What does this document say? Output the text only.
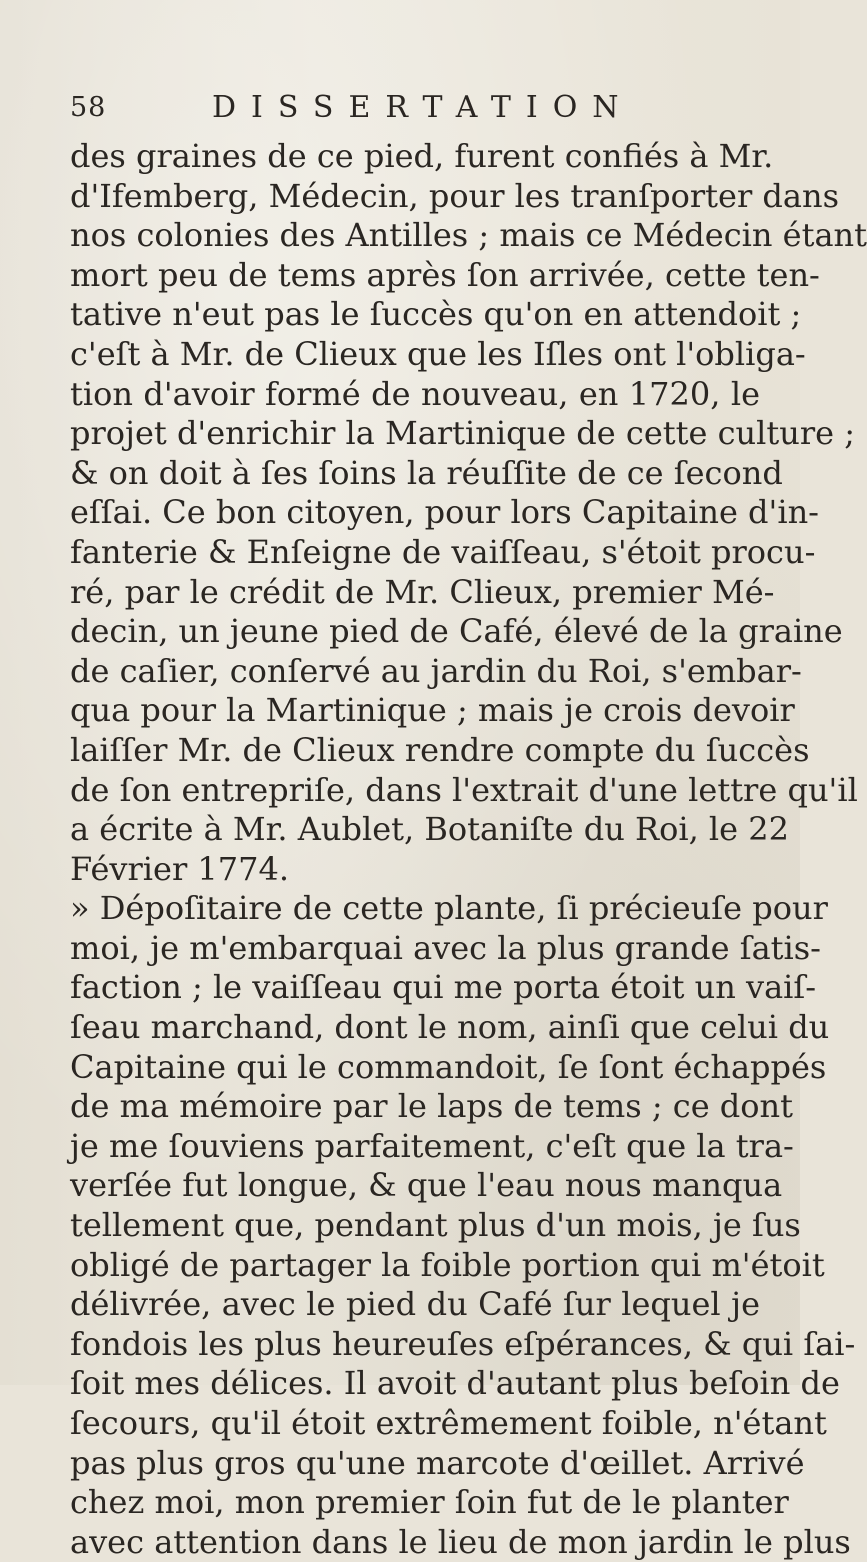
58	DISSERTATION
des graines de ce pied, furent confiés à Mr.
d'Ifemberg, Médecin, pour les tranſporter dans
nos colonies des Antilles ; mais ce Médecin étant
mort peu de tems après ſon arrivée, cette ten-
tative n'eut pas le ſuccès qu'on en attendoit ;
c'eſt à Mr. de Clieux que les Iſles ont l'obliga-
tion d'avoir formé de nouveau, en 1720, le
projet d'enrichir la Martinique de cette culture ;
& on doit à ſes ſoins la réuſſite de ce ſecond
eſſai. Ce bon citoyen, pour lors Capitaine d'in-
fanterie & Enſeigne de vaiſſeau, s'étoit procu-
ré, par le crédit de Mr. Clieux, premier Mé-
decin, un jeune pied de Café, élevé de la graine
de caſier, conſervé au jardin du Roi, s'embar-
qua pour la Martinique ; mais je crois devoir
laiſſer Mr. de Clieux rendre compte du ſuccès
de ſon entrepriſe, dans l'extrait d'une lettre qu'il
a écrite à Mr. Aublet, Botaniſte du Roi, le 22
Février 1774.
» Dépoſitaire de cette plante, ſi précieuſe pour
moi, je m'embarquai avec la plus grande ſatis-
faction ; le vaiſſeau qui me porta étoit un vaiſ-
ſeau marchand, dont le nom, ainſi que celui du
Capitaine qui le commandoit, ſe ſont échappés
de ma mémoire par le laps de tems ; ce dont
je me ſouviens parfaitement, c'eſt que la tra-
verſée fut longue, & que l'eau nous manqua
tellement que, pendant plus d'un mois, je ſus
obligé de partager la foible portion qui m'étoit
délivrée, avec le pied du Café ſur lequel je
fondois les plus heureuſes eſpérances, & qui ſai-
ſoit mes délices. Il avoit d'autant plus beſoin de
ſecours, qu'il étoit extrêmement foible, n'étant
pas plus gros qu'une marcote d'œillet. Arrivé
chez moi, mon premier ſoin fut de le planter
avec attention dans le lieu de mon jardin le plus
